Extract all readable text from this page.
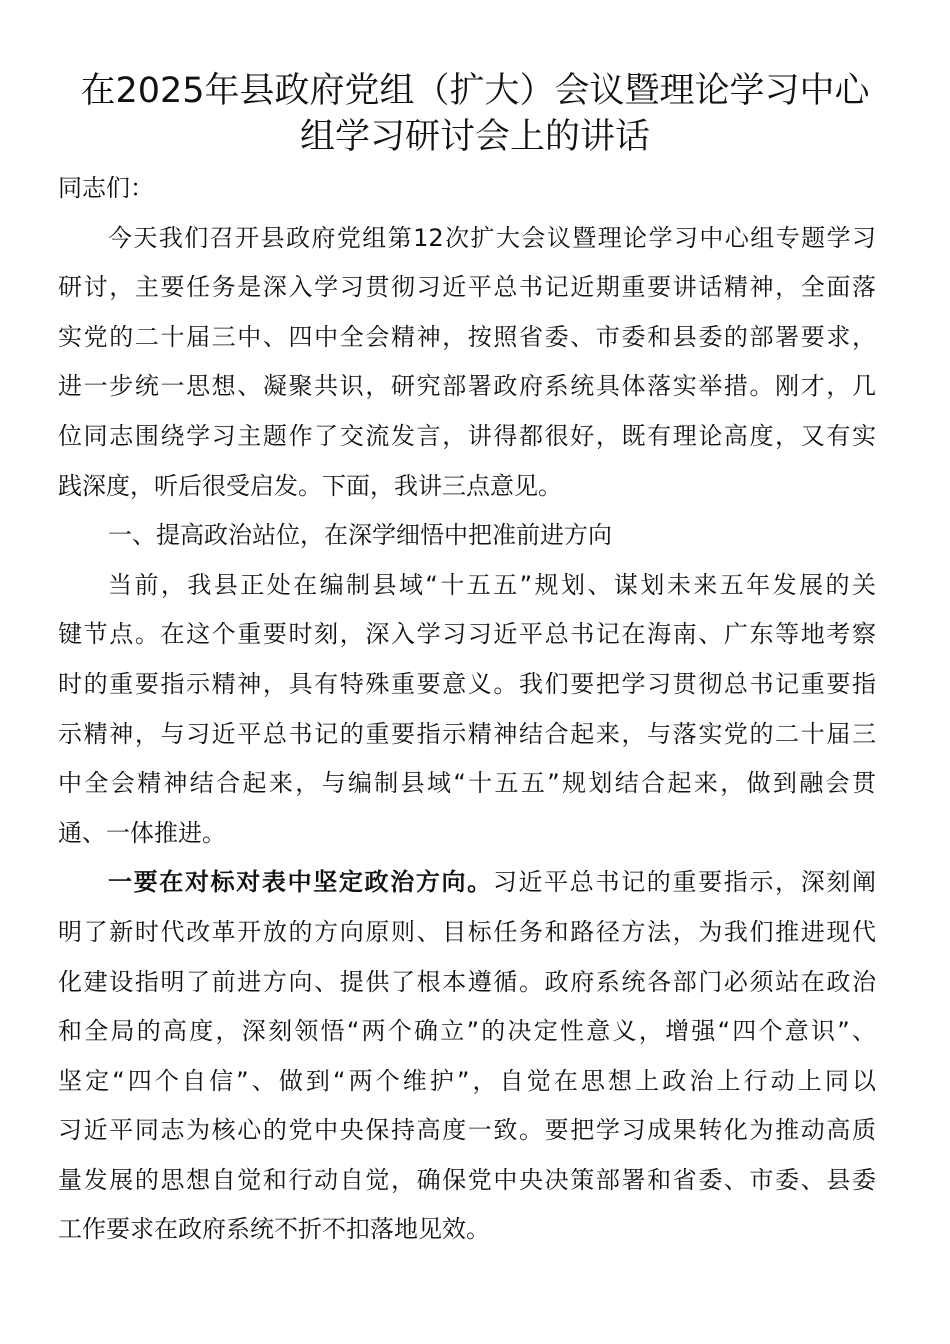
在2025年县政府党组（扩大）会议暨理论学习中心
组学习研讨会上的讲话
同志们：
今天我们召开县政府党组第12次扩大会议暨理论学习中心组专题学习
研讨，主要任务是深入学习贯彻习近平总书记近期重要讲话精神，全面落
实党的二十届三中、四中全会精神，按照省委、市委和县委的部署要求，
进一步统一思想、凝聚共识，研究部署政府系统具体落实举措。刚才，几
位同志围绕学习主题作了交流发言，讲得都很好，既有理论高度，又有实
践深度，听后很受启发。下面，我讲三点意见。
一、提高政治站位，在深学细悟中把准前进方向
当前，我县正处在编制县域“十五五”规划、谋划未来五年发展的关
键节点。在这个重要时刻，深入学习习近平总书记在海南、广东等地考察
时的重要指示精神，具有特殊重要意义。我们要把学习贯彻总书记重要指
示精神，与习近平总书记的重要指示精神结合起来，与落实党的二十届三
中全会精神结合起来，与编制县域“十五五”规划结合起来，做到融会贯
通、一体推进。
一要在对标对表中坚定政治方向。习近平总书记的重要指示，深刻阐
明了新时代改革开放的方向原则、目标任务和路径方法，为我们推进现代
化建设指明了前进方向、提供了根本遵循。政府系统各部门必须站在政治
和全局的高度，深刻领悟“两个确立”的决定性意义，增强“四个意识”、
坚定“四个自信”、做到“两个维护”，自觉在思想上政治上行动上同以
习近平同志为核心的党中央保持高度一致。要把学习成果转化为推动高质
量发展的思想自觉和行动自觉，确保党中央决策部署和省委、市委、县委
工作要求在政府系统不折不扣落地见效。
